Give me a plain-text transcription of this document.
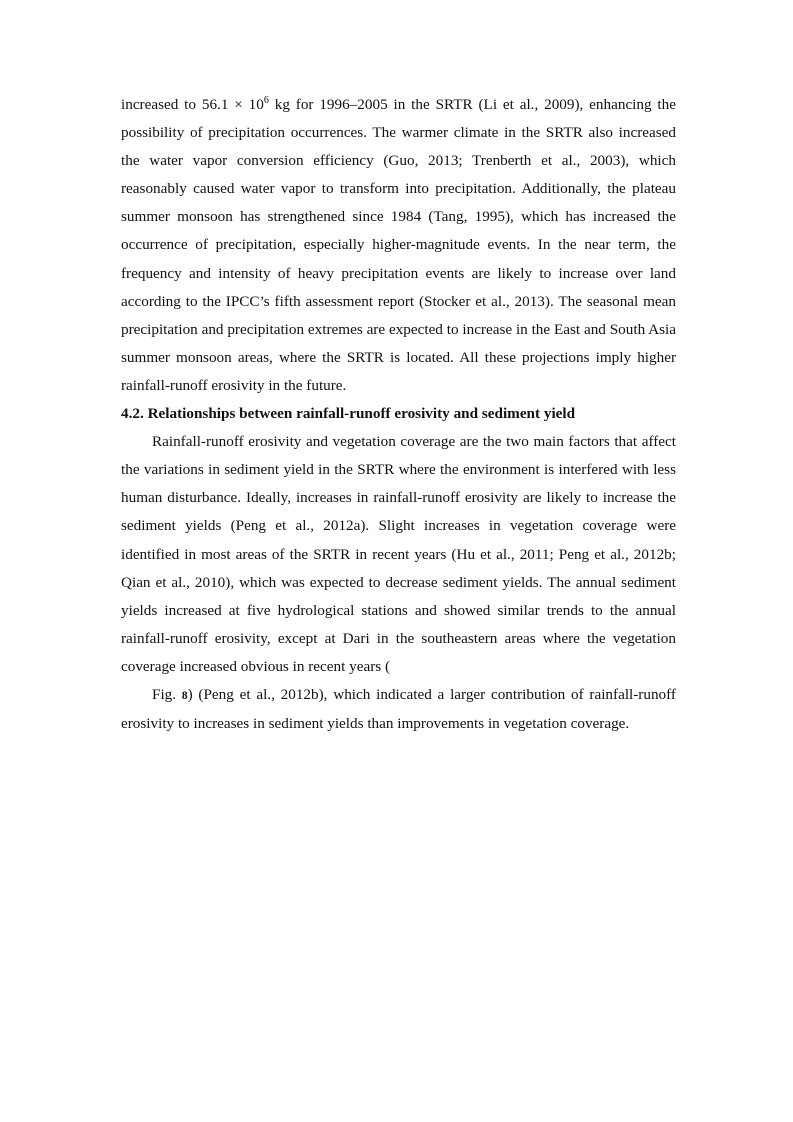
increased to $56.1 \times 10^6$ kg for 1996–2005 in the SRTR (Li et al., 2009), enhancing the possibility of precipitation occurrences. The warmer climate in the SRTR also increased the water vapor conversion efficiency (Guo, 2013; Trenberth et al., 2003), which reasonably caused water vapor to transform into precipitation. Additionally, the plateau summer monsoon has strengthened since 1984 (Tang, 1995), which has increased the occurrence of precipitation, especially higher-magnitude events. In the near term, the frequency and intensity of heavy precipitation events are likely to increase over land according to the IPCC’s fifth assessment report (Stocker et al., 2013). The seasonal mean precipitation and precipitation extremes are expected to increase in the East and South Asia summer monsoon areas, where the SRTR is located. All these projections imply higher rainfall-runoff erosivity in the future.

4.2. Relationships between rainfall-runoff erosivity and sediment yield

Rainfall-runoff erosivity and vegetation coverage are the two main factors that affect the variations in sediment yield in the SRTR where the environment is interfered with less human disturbance. Ideally, increases in rainfall-runoff erosivity are likely to increase the sediment yields (Peng et al., 2012a). Slight increases in vegetation coverage were identified in most areas of the SRTR in recent years (Hu et al., 2011; Peng et al., 2012b; Qian et al., 2010), which was expected to decrease sediment yields. The annual sediment yields increased at five hydrological stations and showed similar trends to the annual rainfall-runoff erosivity, except at Dari in the southeastern areas where the vegetation coverage increased obvious in recent years (

Fig. 8) (Peng et al., 2012b), which indicated a larger contribution of rainfall-runoff erosivity to increases in sediment yields than improvements in vegetation coverage.
